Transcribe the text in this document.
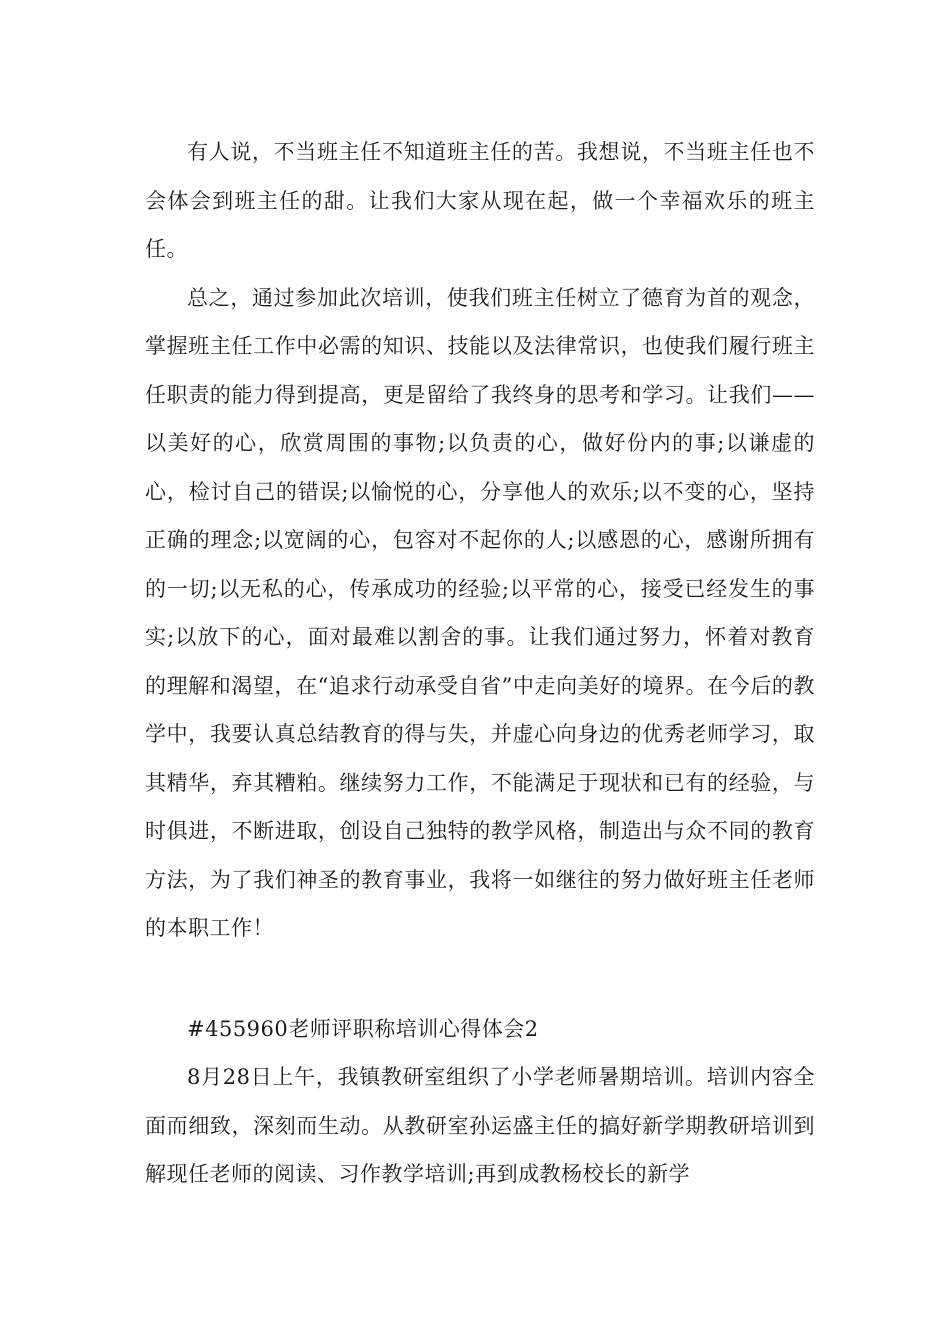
有人说，不当班主任不知道班主任的苦。我想说，不当班主任也不会体会到班主任的甜。让我们大家从现在起，做一个幸福欢乐的班主任。

总之，通过参加此次培训，使我们班主任树立了德育为首的观念，掌握班主任工作中必需的知识、技能以及法律常识，也使我们履行班主任职责的能力得到提高，更是留给了我终身的思考和学习。让我们——以美好的心，欣赏周围的事物;以负责的心，做好份内的事;以谦虚的心，检讨自己的错误;以愉悦的心，分享他人的欢乐;以不变的心，坚持正确的理念;以宽阔的心，包容对不起你的人;以感恩的心，感谢所拥有的一切;以无私的心，传承成功的经验;以平常的心，接受已经发生的事实;以放下的心，面对最难以割舍的事。让我们通过努力，怀着对教育的理解和渴望，在“追求行动承受自省”中走向美好的境界。在今后的教学中，我要认真总结教育的得与失，并虚心向身边的优秀老师学习，取其精华，弃其糟粕。继续努力工作，不能满足于现状和已有的经验，与时俱进，不断进取，创设自己独特的教学风格，制造出与众不同的教育方法，为了我们神圣的教育事业，我将一如继往的努力做好班主任老师的本职工作！

#455960老师评职称培训心得体会2

8月28日上午，我镇教研室组织了小学老师暑期培训。培训内容全面而细致，深刻而生动。从教研室孙运盛主任的搞好新学期教研培训到解现任老师的阅读、习作教学培训;再到成教杨校长的新学
